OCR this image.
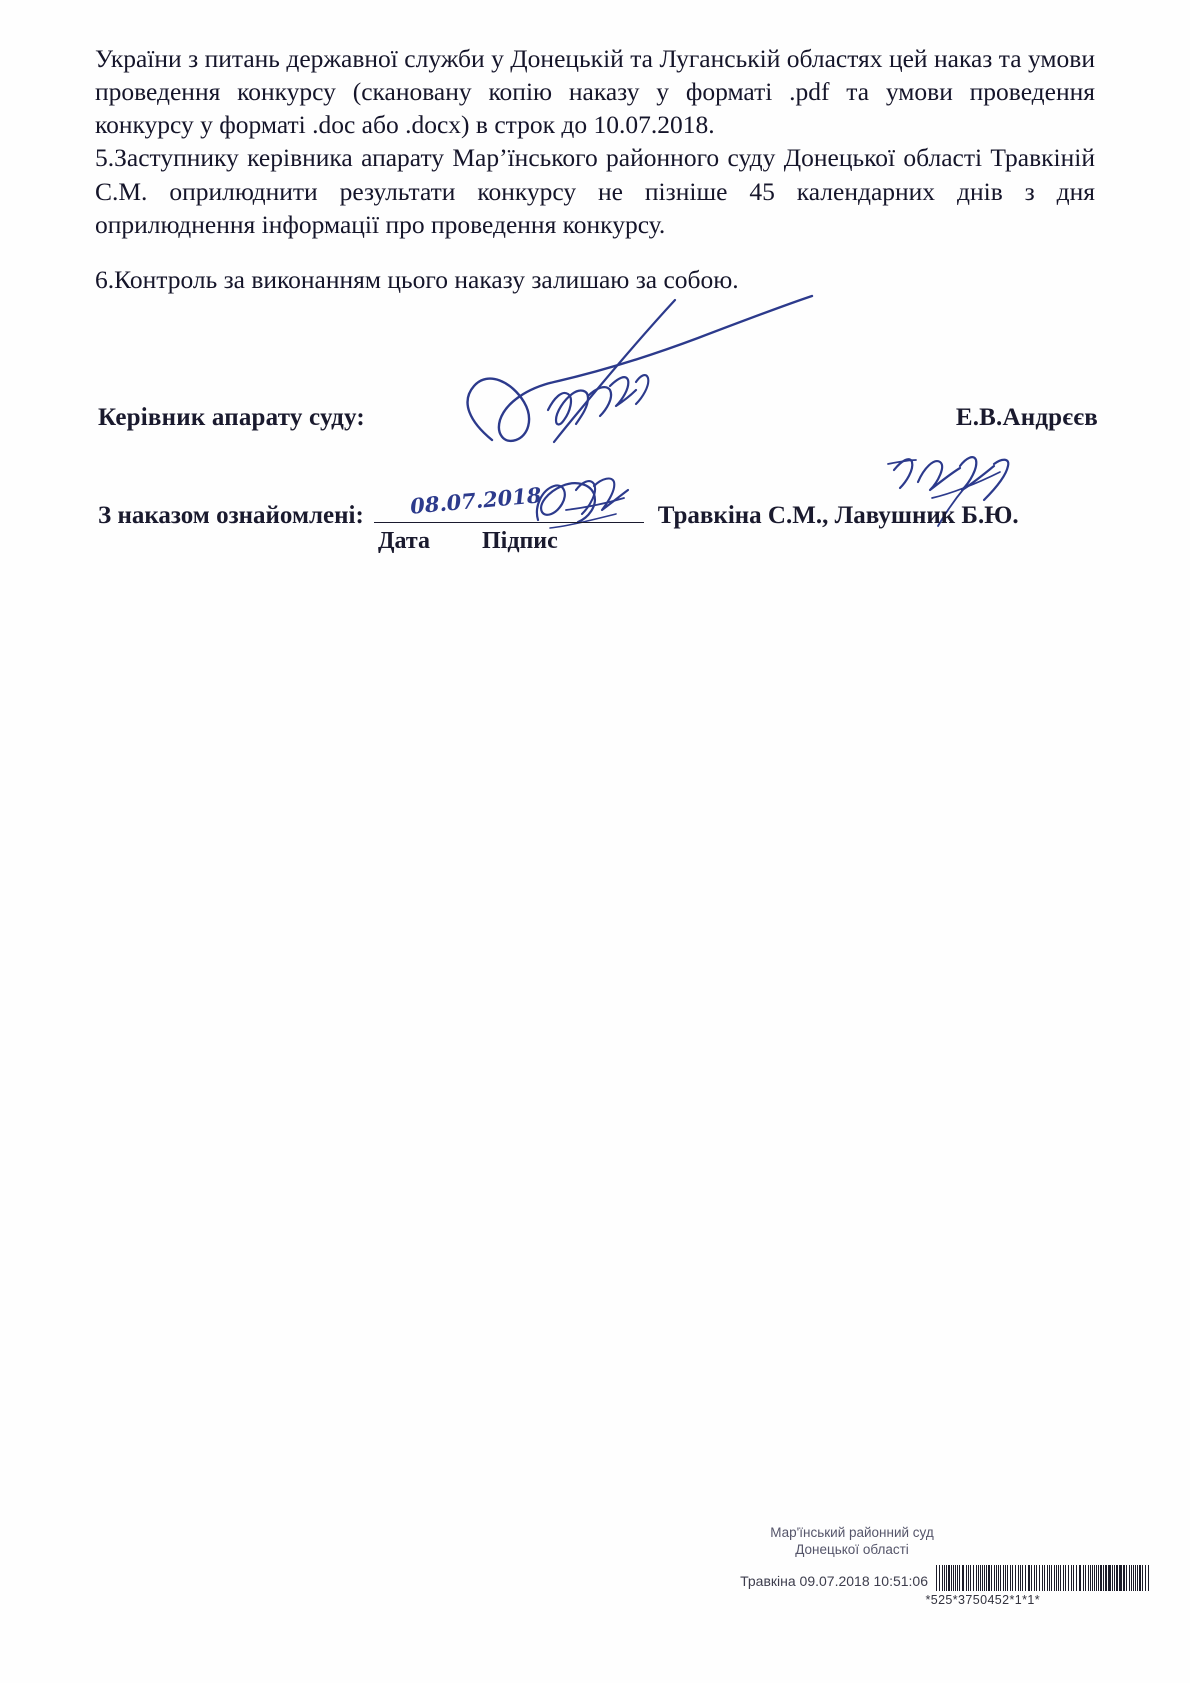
України з питань державної служби у Донецькій та Луганській областях цей наказ та умови проведення конкурсу (скановану копію наказу у форматі .pdf та умови проведення конкурсу у форматі .doc або .docx) в строк до 10.07.2018.

5.Заступнику керівника апарату Мар’їнського районного суду Донецької області Травкіній С.М. оприлюднити результати конкурсу не пізніше 45 календарних днів з дня оприлюднення інформації про проведення конкурсу.

6.Контроль за виконанням цього наказу залишаю за собою.

Керівник апарату суду:	Е.В.Андрєєв
08.07.2018
З наказом ознайомлені:	Травкіна С.М., Лавушник Б.Ю.
Дата Підпис
Мар'їнський районний суд
Донецької області
Травкіна 09.07.2018 10:51:06
*525*3750452*1*1*
